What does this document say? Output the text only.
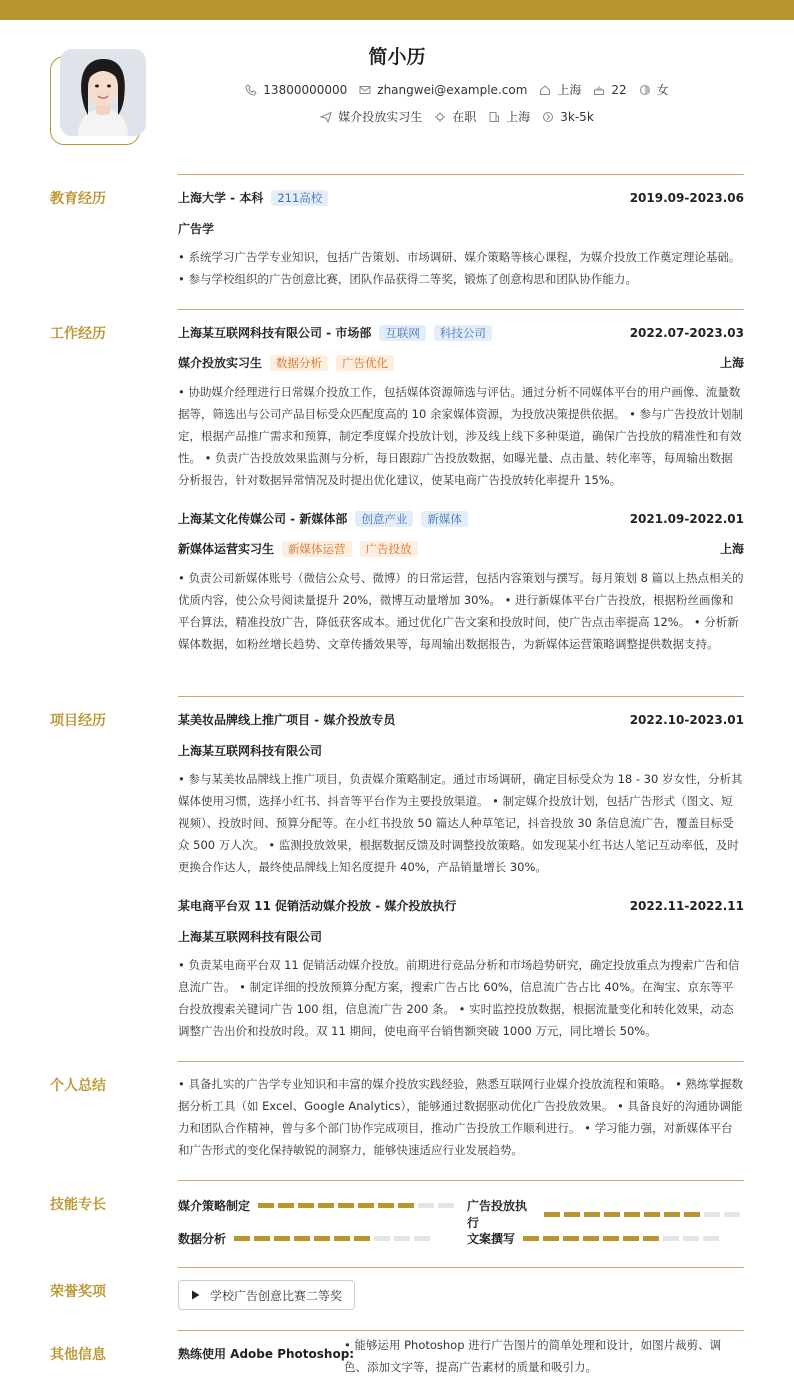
简小历
13800000000	zhangwei@example.com	上海	22	女
媒介投放实习生	在职	上海	3k-5k
教育经历	上海大学 - 本科	211高校	2019.09-2023.06
广告学
• 系统学习广告学专业知识，包括广告策划、市场调研、媒介策略等核心课程，为媒介投放工作奠定理论基础。 • 参与学校组织的广告创意比赛，团队作品获得二等奖，锻炼了创意构思和团队协作能力。
工作经历	上海某互联网科技有限公司 - 市场部	互联网	科技公司	2022.07-2023.03
媒介投放实习生	数据分析	广告优化	上海
• 协助媒介经理进行日常媒介投放工作，包括媒体资源筛选与评估。通过分析不同媒体平台的用户画像、流量数据等，筛选出与公司产品目标受众匹配度高的 10 余家媒体资源，为投放决策提供依据。 • 参与广告投放计划制定，根据产品推广需求和预算，制定季度媒介投放计划，涉及线上线下多种渠道，确保广告投放的精准性和有效性。 • 负责广告投放效果监测与分析，每日跟踪广告投放数据，如曝光量、点击量、转化率等，每周输出数据分析报告，针对数据异常情况及时提出优化建议，使某电商广告投放转化率提升 15%。
上海某文化传媒公司 - 新媒体部	创意产业	新媒体	2021.09-2022.01
新媒体运营实习生	新媒体运营	广告投放	上海
• 负责公司新媒体账号（微信公众号、微博）的日常运营，包括内容策划与撰写。每月策划 8 篇以上热点相关的优质内容，使公众号阅读量提升 20%，微博互动量增加 30%。 • 进行新媒体平台广告投放，根据粉丝画像和平台算法，精准投放广告，降低获客成本。通过优化广告文案和投放时间，使广告点击率提高 12%。 • 分析新媒体数据，如粉丝增长趋势、文章传播效果等，每周输出数据报告，为新媒体运营策略调整提供数据支持。
项目经历	某美妆品牌线上推广项目 - 媒介投放专员	2022.10-2023.01
上海某互联网科技有限公司
• 参与某美妆品牌线上推广项目，负责媒介策略制定。通过市场调研，确定目标受众为 18 - 30 岁女性，分析其媒体使用习惯，选择小红书、抖音等平台作为主要投放渠道。 • 制定媒介投放计划，包括广告形式（图文、短视频）、投放时间、预算分配等。在小红书投放 50 篇达人种草笔记，抖音投放 30 条信息流广告，覆盖目标受众 500 万人次。 • 监测投放效果，根据数据反馈及时调整投放策略。如发现某小红书达人笔记互动率低，及时更换合作达人，最终使品牌线上知名度提升 40%，产品销量增长 30%。
某电商平台双 11 促销活动媒介投放 - 媒介投放执行	2022.11-2022.11
上海某互联网科技有限公司
• 负责某电商平台双 11 促销活动媒介投放。前期进行竞品分析和市场趋势研究，确定投放重点为搜索广告和信息流广告。 • 制定详细的投放预算分配方案，搜索广告占比 60%，信息流广告占比 40%。在淘宝、京东等平台投放搜索关键词广告 100 组，信息流广告 200 条。 • 实时监控投放数据，根据流量变化和转化效果，动态调整广告出价和投放时段。双 11 期间，使电商平台销售额突破 1000 万元，同比增长 50%。
个人总结	• 具备扎实的广告学专业知识和丰富的媒介投放实践经验，熟悉互联网行业媒介投放流程和策略。 • 熟练掌握数据分析工具（如 Excel、Google Analytics），能够通过数据驱动优化广告投放效果。 • 具备良好的沟通协调能力和团队合作精神，曾与多个部门协作完成项目，推动广告投放工作顺利进行。 • 学习能力强，对新媒体平台和广告形式的变化保持敏锐的洞察力，能够快速适应行业发展趋势。
技能专长	媒介策略制定	广告投放执行
数据分析	文案撰写
荣誉奖项	学校广告创意比赛二等奖
其他信息	熟练使用 Adobe Photoshop:
• 能够运用 Photoshop 进行广告图片的简单处理和设计，如图片裁剪、调色、添加文字等，提高广告素材的质量和吸引力。
